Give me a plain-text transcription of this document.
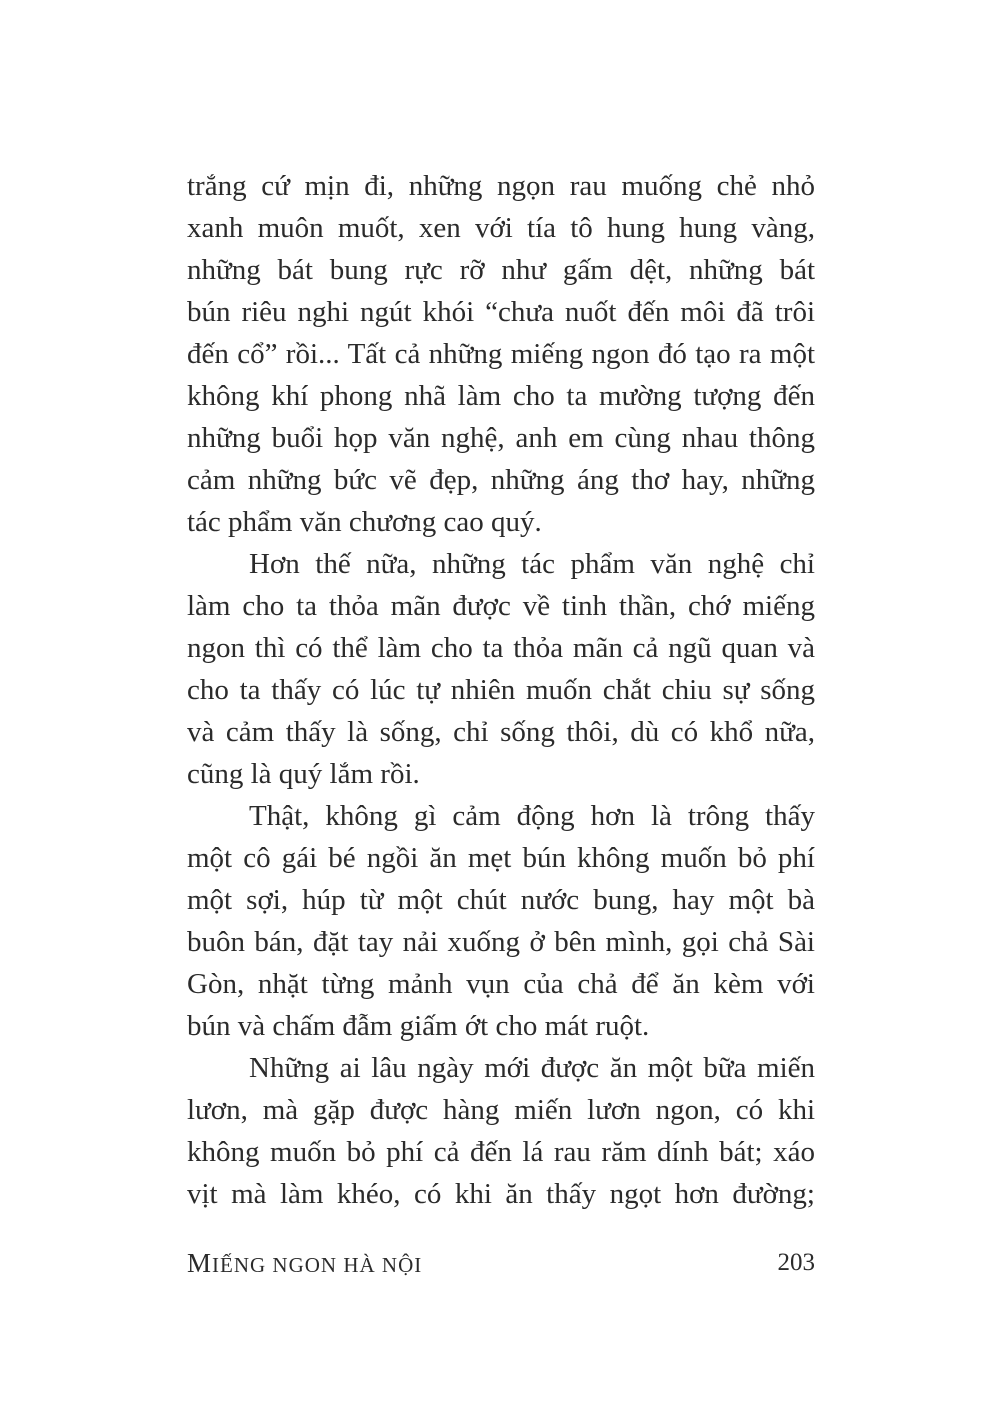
trắng cứ mịn đi, những ngọn rau muống chẻ nhỏ
xanh muôn muốt, xen với tía tô hung hung vàng,
những bát bung rực rỡ như gấm dệt, những bát
bún riêu nghi ngút khói “chưa nuốt đến môi đã trôi
đến cổ” rồi... Tất cả những miếng ngon đó tạo ra một
không khí phong nhã làm cho ta mường tượng đến
những buổi họp văn nghệ, anh em cùng nhau thông
cảm những bức vẽ đẹp, những áng thơ hay, những
tác phẩm văn chương cao quý.
Hơn thế nữa, những tác phẩm văn nghệ chỉ
làm cho ta thỏa mãn được về tinh thần, chớ miếng
ngon thì có thể làm cho ta thỏa mãn cả ngũ quan và
cho ta thấy có lúc tự nhiên muốn chắt chiu sự sống
và cảm thấy là sống, chỉ sống thôi, dù có khổ nữa,
cũng là quý lắm rồi.
Thật, không gì cảm động hơn là trông thấy
một cô gái bé ngồi ăn mẹt bún không muốn bỏ phí
một sợi, húp từ một chút nước bung, hay một bà
buôn bán, đặt tay nải xuống ở bên mình, gọi chả Sài
Gòn, nhặt từng mảnh vụn của chả để ăn kèm với
bún và chấm đẫm giấm ớt cho mát ruột.
Những ai lâu ngày mới được ăn một bữa miến
lươn, mà gặp được hàng miến lươn ngon, có khi
không muốn bỏ phí cả đến lá rau răm dính bát; xáo
vịt mà làm khéo, có khi ăn thấy ngọt hơn đường;
MIẾNG NGON HÀ NỘI	203
